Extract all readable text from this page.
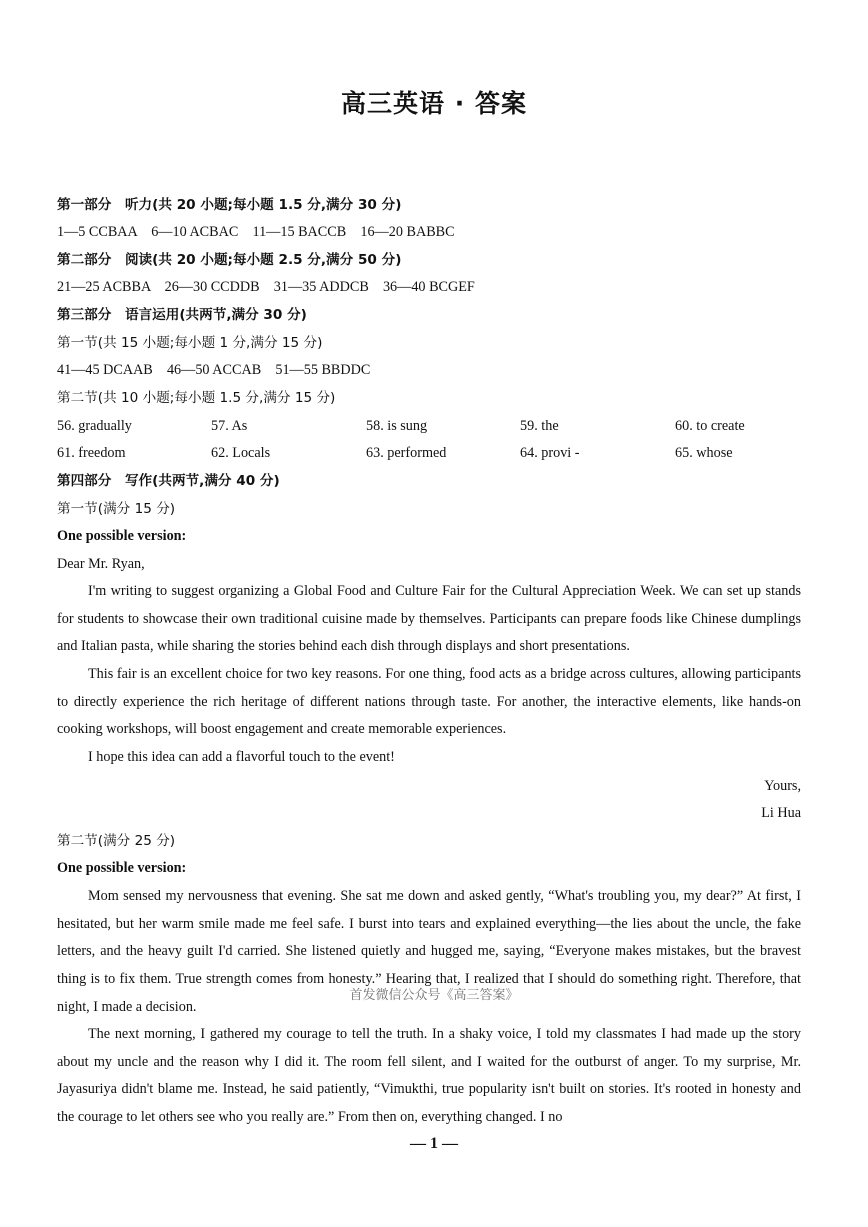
高三英语 · 答案
第一部分　听力(共 20 小题;每小题 1.5 分,满分 30 分)
1—5 CCBAA　6—10 ACBAC　11—15 BACCB　16—20 BABBC
第二部分　阅读(共 20 小题;每小题 2.5 分,满分 50 分)
21—25 ACBBA　26—30 CCDDB　31—35 ADDCB　36—40 BCGEF
第三部分　语言运用(共两节,满分 30 分)
第一节(共 15 小题;每小题 1 分,满分 15 分)
41—45 DCAAB　46—50 ACCAB　51—55 BBDDC
第二节(共 10 小题;每小题 1.5 分,满分 15 分)
56. gradually	57. As	58. is sung	59. the	60. to create
61. freedom	62. Locals	63. performed	64. provi ‑	65. whose
第四部分　写作(共两节,满分 40 分)
第一节(满分 15 分)
One possible version:
Dear Mr. Ryan,
I'm writing to suggest organizing a Global Food and Culture Fair for the Cultural Appreciation Week. We can set up stands for students to showcase their own traditional cuisine made by themselves. Participants can prepare foods like Chinese dumplings and Italian pasta, while sharing the stories behind each dish through displays and short presentations.
This fair is an excellent choice for two key reasons. For one thing, food acts as a bridge across cultures, allowing participants to directly experience the rich heritage of different nations through taste. For another, the interactive elements, like hands-on cooking workshops, will boost engagement and create memorable experiences.
I hope this idea can add a flavorful touch to the event!
Yours,
Li Hua
第二节(满分 25 分)
One possible version:
Mom sensed my nervousness that evening. She sat me down and asked gently, “What's troubling you, my dear?” At first, I hesitated, but her warm smile made me feel safe. I burst into tears and explained everything—the lies about the uncle, the fake letters, and the heavy guilt I'd carried. She listened quietly and hugged me, saying, “Everyone makes mistakes, but the bravest thing is to fix them. True strength comes from honesty.” Hearing that, I realized that I should do something right. Therefore, that night, I made a decision.
The next morning, I gathered my courage to tell the truth. In a shaky voice, I told my classmates I had made up the story about my uncle and the reason why I did it. The room fell silent, and I waited for the outburst of anger. To my surprise, Mr. Jayasuriya didn't blame me. Instead, he said patiently, “Vimukthi, true popularity isn't built on stories. It's rooted in honesty and the courage to let others see who you really are.” From then on, everything changed. I no
首发微信公众号《高三答案》
— 1 —
